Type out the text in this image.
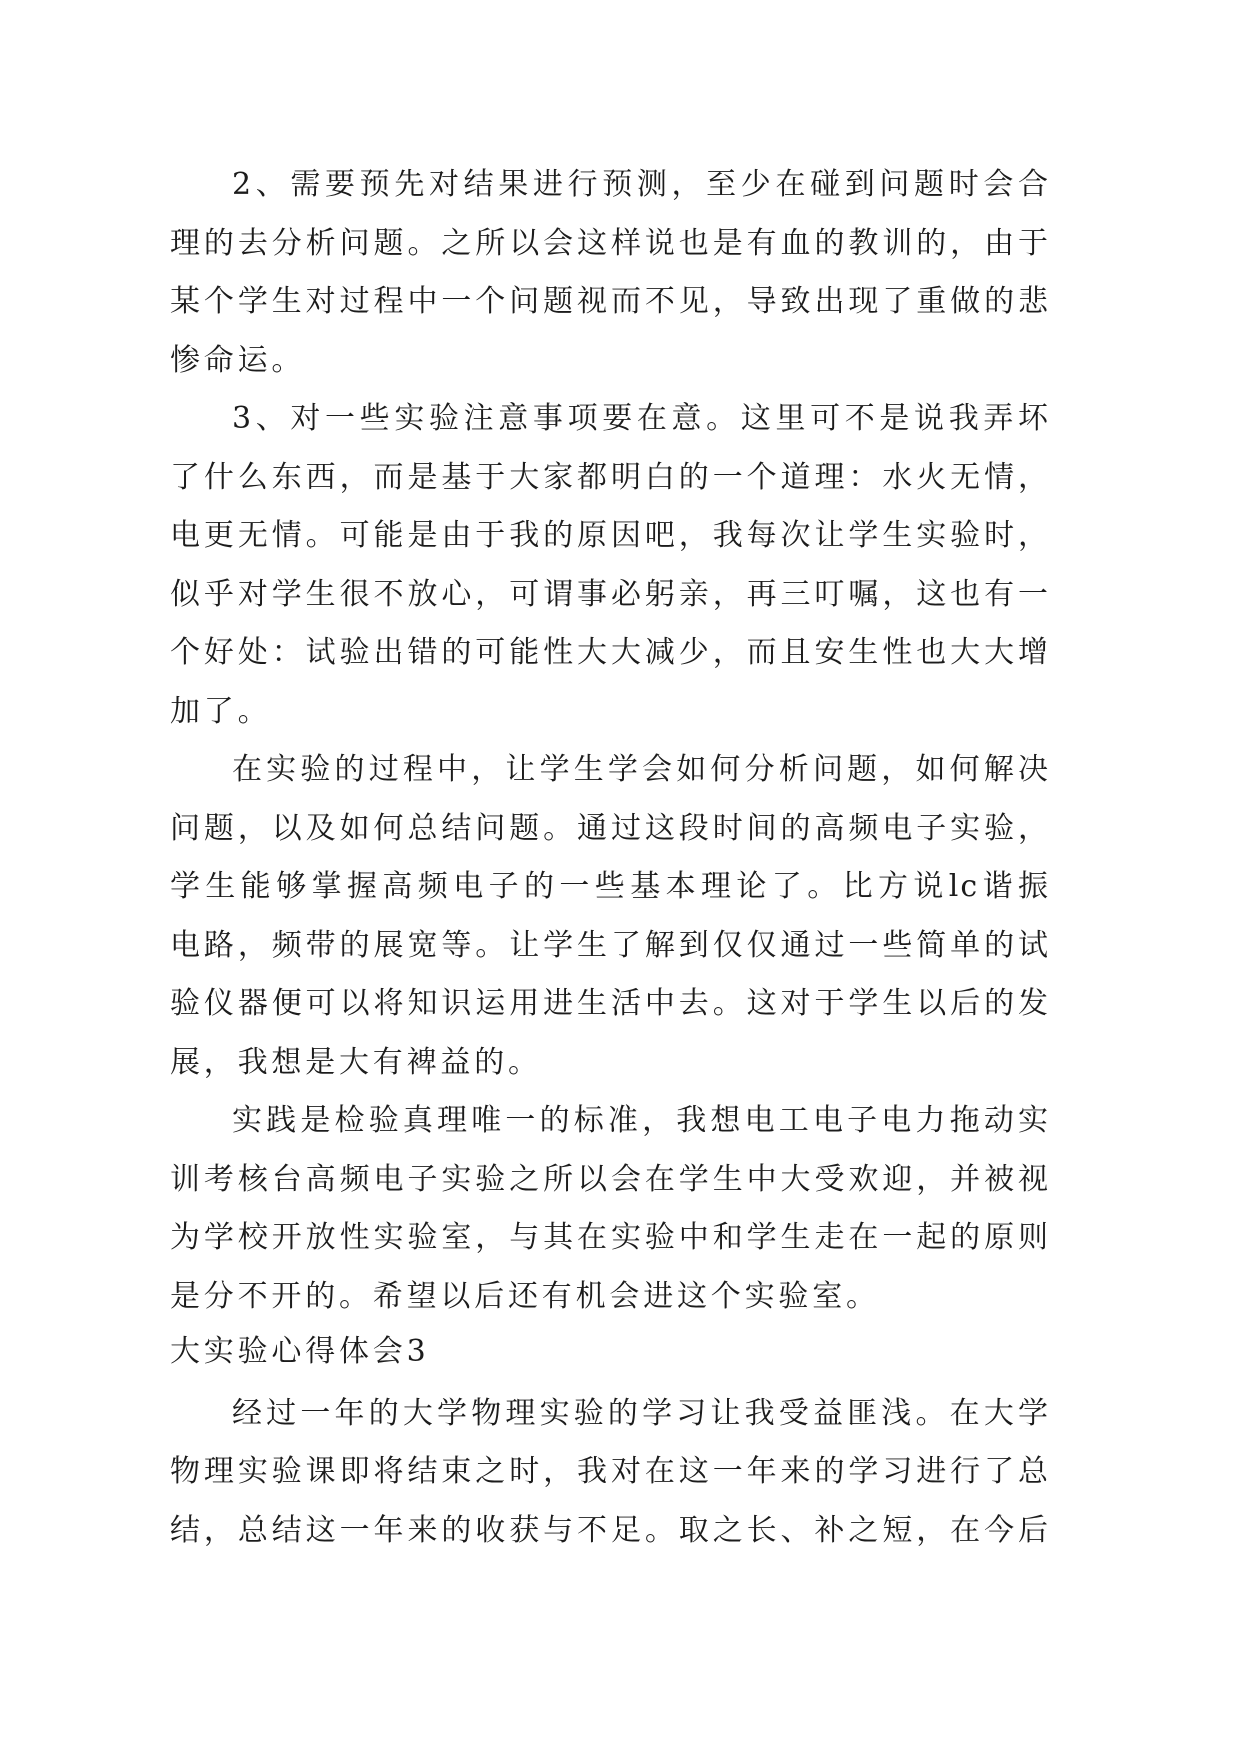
2、需要预先对结果进行预测，至少在碰到问题时会合
理的去分析问题。之所以会这样说也是有血的教训的，由于
某个学生对过程中一个问题视而不见，导致出现了重做的悲
惨命运。
3、对一些实验注意事项要在意。这里可不是说我弄坏
了什么东西，而是基于大家都明白的一个道理：水火无情，
电更无情。可能是由于我的原因吧，我每次让学生实验时，
似乎对学生很不放心，可谓事必躬亲，再三叮嘱，这也有一
个好处：试验出错的可能性大大减少，而且安生性也大大增
加了。
在实验的过程中，让学生学会如何分析问题，如何解决
问题，以及如何总结问题。通过这段时间的高频电子实验，
学生能够掌握高频电子的一些基本理论了。比方说lc谐振
电路，频带的展宽等。让学生了解到仅仅通过一些简单的试
验仪器便可以将知识运用进生活中去。这对于学生以后的发
展，我想是大有裨益的。
实践是检验真理唯一的标准，我想电工电子电力拖动实
训考核台高频电子实验之所以会在学生中大受欢迎，并被视
为学校开放性实验室，与其在实验中和学生走在一起的原则
是分不开的。希望以后还有机会进这个实验室。
大实验心得体会3
经过一年的大学物理实验的学习让我受益匪浅。在大学
物理实验课即将结束之时，我对在这一年来的学习进行了总
结，总结这一年来的收获与不足。取之长、补之短，在今后
